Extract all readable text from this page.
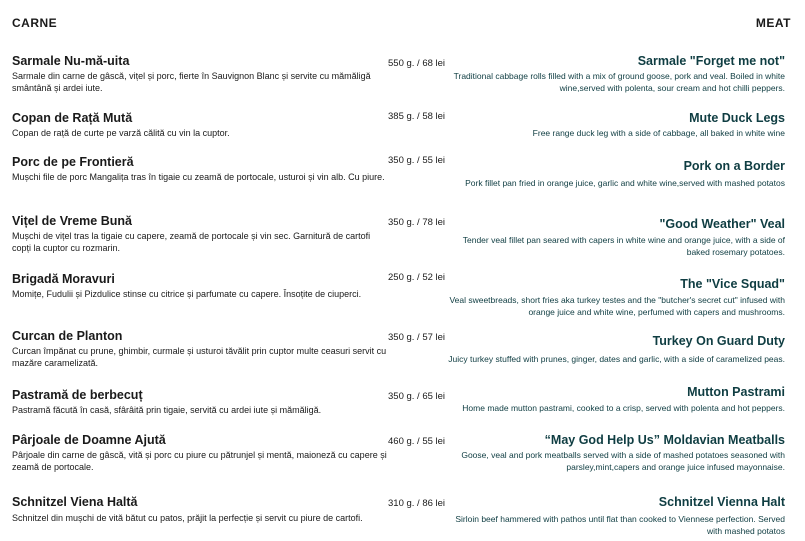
CARNE	MEAT
Sarmale Nu-mă-uita
Sarmale din carne de gâscă, vițel și porc, fierte în Sauvignon Blanc și servite cu mămăligă smântână și ardei iute.
550 g. / 68 lei	Sarmale "Forget me not"
Traditional cabbage rolls filled with a mix of ground goose, pork and veal. Boiled in white wine,served with polenta, sour cream and hot chilli peppers.
Copan de Rață Mută
Copan de rață de curte pe varză călită cu vin la cuptor.
385 g. / 58 lei	Mute Duck Legs
Free range duck leg with a side of cabbage, all baked in white wine
Porc de pe Frontieră
Mușchi file de porc Mangalița tras în tigaie cu zeamă de portocale, usturoi și vin alb. Cu piure.
350 g. / 55 lei	Pork on a Border
Pork fillet pan fried in orange juice, garlic and white wine,served with mashed potatos
Vițel de Vreme Bună
Mușchi de vițel tras la tigaie cu capere, zeamă de portocale și vin sec. Garnitură de cartofi copți la cuptor cu rozmarin.
350 g. / 78 lei	"Good Weather" Veal
Tender veal fillet pan seared with capers in white wine and orange juice, with a side of baked rosemary potatoes.
Brigadă Moravuri
Momițe, Fudulii și Pizdulice stinse cu citrice și parfumate cu capere. Însoțite de ciuperci.
250 g. / 52 lei	The "Vice Squad"
Veal sweetbreads, short fries aka turkey testes and the "butcher's secret cut" infused with orange juice and white wine, perfumed with capers and mushrooms.
Curcan de Planton
Curcan împănat cu prune, ghimbir, curmale și usturoi tăvălit prin cuptor multe ceasuri servit cu mazăre caramelizată.
350 g. / 57 lei	Turkey On Guard Duty
Juicy turkey stuffed with prunes, ginger, dates and garlic, with a side of caramelized peas.
Pastramă de berbecuț
Pastramă făcută în casă, sfârâită prin tigaie, servită cu ardei iute și mămăligă.
350 g. / 65 lei	Mutton Pastrami
Home made mutton pastrami, cooked to a crisp, served with polenta and hot peppers.
Pârjoale de Doamne Ajută
Pârjoale din carne de gâscă, vită și porc cu piure cu pătrunjel și mentă, maioneză cu capere și zeamă de portocale.
460 g. / 55 lei	“May God Help Us” Moldavian Meatballs
Goose, veal and pork meatballs served with a side of mashed potatoes seasoned with parsley,mint,capers and orange juice infused mayonnaise.
Schnitzel Viena Haltă
Schnitzel din mușchi de vită bătut cu patos, prăjit la perfecție și servit cu piure de cartofi.
310 g. / 86 lei	Schnitzel Vienna Halt
Sirloin beef hammered with pathos until flat than cooked to Viennese perfection. Served with mashed potatos
